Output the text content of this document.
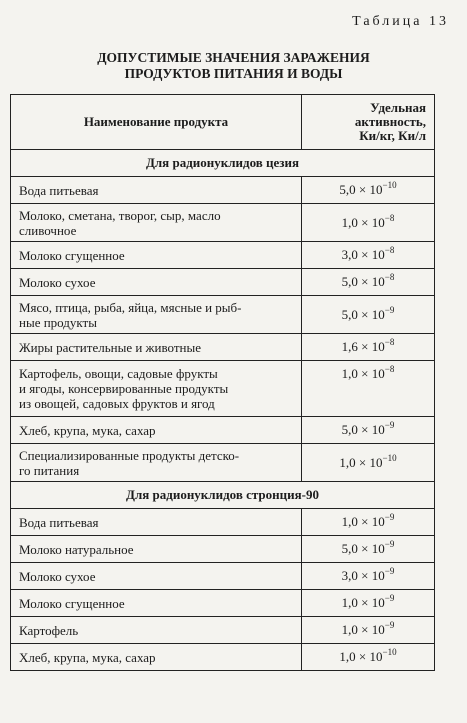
Таблица 13
ДОПУСТИМЫЕ ЗНАЧЕНИЯ ЗАРАЖЕНИЯ
ПРОДУКТОВ ПИТАНИЯ И ВОДЫ
Наименование продукта	Удельная
активность,
Ки/кг, Ки/л

Для радионуклидов цезия	

Вода питьевая	$5,0 \times 10^{-10}$

Молоко, сметана, творог, сыр, масло
сливочное	$1,0 \times 10^{-8}$

Молоко сгущенное	$3,0 \times 10^{-8}$

Молоко сухое	$5,0 \times 10^{-8}$

Мясо, птица, рыба, яйца, мясные и рыб-
ные продукты	$5,0 \times 10^{-9}$

Жиры растительные и животные	$1,6 \times 10^{-8}$

Картофель, овощи, садовые фрукты
и ягоды, консервированные продукты
из овощей, садовых фруктов и ягод	$1,0 \times 10^{-8}$

Хлеб, крупа, мука, сахар	$5,0 \times 10^{-9}$

Специализированные продукты детско-
го питания	$1,0 \times 10^{-10}$
Для радионуклидов стронция-90	

Вода питьевая	$1,0 \times 10^{-9}$

Молоко натуральное	$5,0 \times 10^{-9}$

Молоко сухое	$3,0 \times 10^{-9}$

Молоко сгущенное	$1,0 \times 10^{-9}$

Картофель	$1,0 \times 10^{-9}$

Хлеб, крупа, мука, сахар	$1,0 \times 10^{-10}$
